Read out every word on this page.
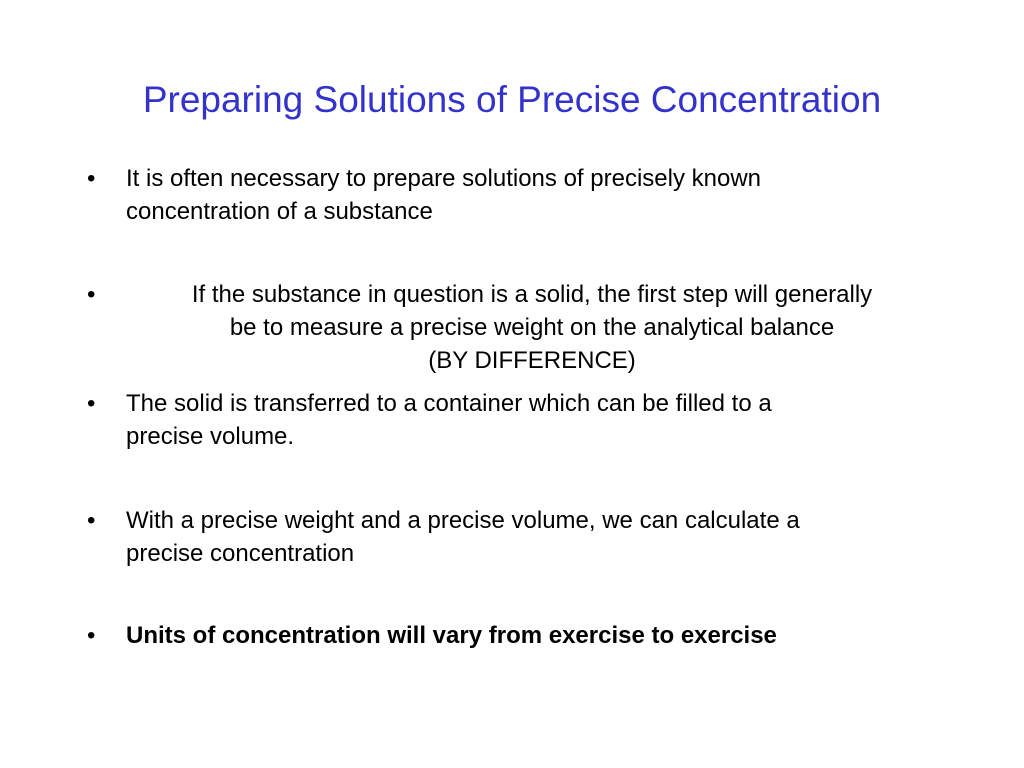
Preparing Solutions of Precise Concentration
•	It is often necessary to prepare solutions of precisely known
concentration of a substance
•	If the substance in question is a solid, the first step will generally
be to measure a precise weight on the analytical balance
(BY DIFFERENCE)
•	The solid is transferred to a container which can be filled to a
precise volume.
•	With a precise weight and a precise volume, we can calculate a
precise concentration
•	Units of concentration will vary from exercise to exercise
